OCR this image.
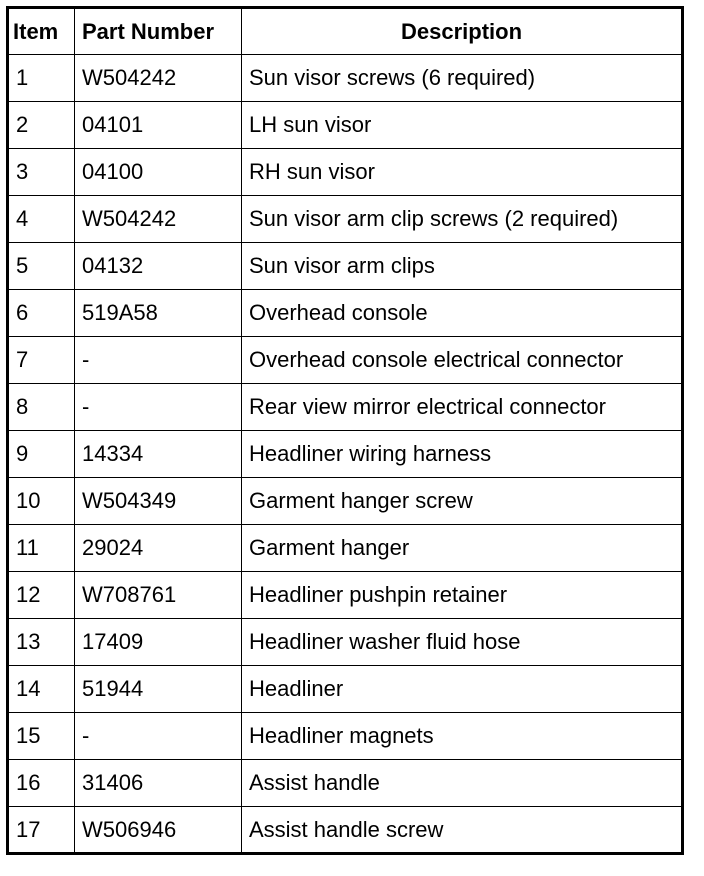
Item	Part Number	Description
1	W504242	Sun visor screws (6 required)
2	04101	LH sun visor
3	04100	RH sun visor
4	W504242	Sun visor arm clip screws (2 required)
5	04132	Sun visor arm clips
6	519A58	Overhead console
7	-	Overhead console electrical connector
8	-	Rear view mirror electrical connector
9	14334	Headliner wiring harness
10	W504349	Garment hanger screw
11	29024	Garment hanger
12	W708761	Headliner pushpin retainer
13	17409	Headliner washer fluid hose
14	51944	Headliner
15	-	Headliner magnets
16	31406	Assist handle
17	W506946	Assist handle screw
